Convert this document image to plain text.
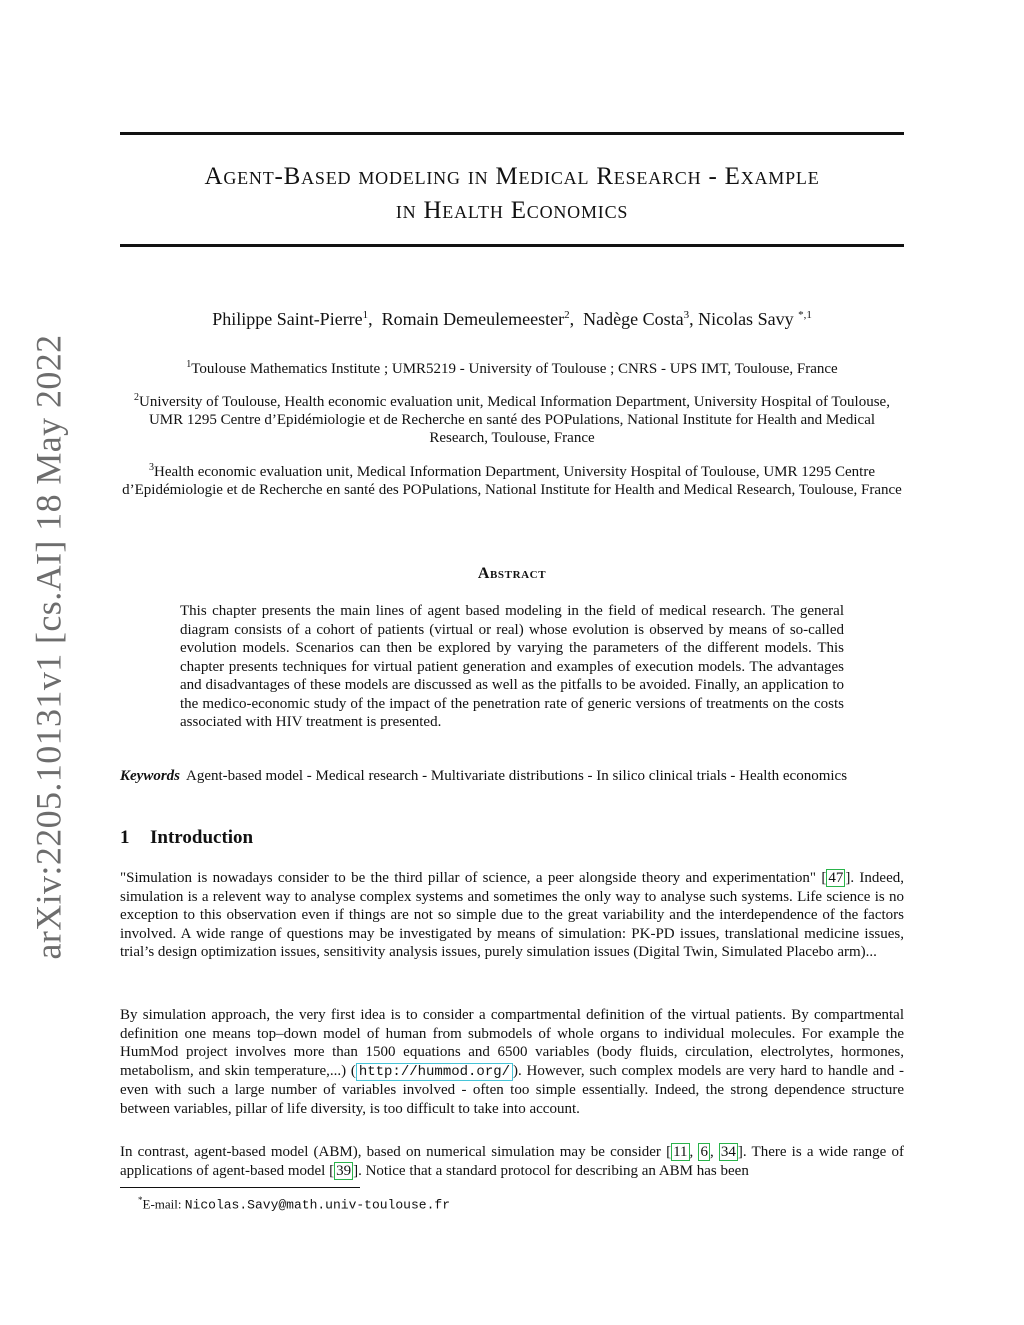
arXiv:2205.10131v1 [cs.AI] 18 May 2022
Agent-Based modeling in Medical Research - Example
in Health Economics
Philippe Saint-Pierre$^1$,  Romain Demeulemeester$^2$,  Nadège Costa$^3$, Nicolas Savy $^{*,1}$

$^1$Toulouse Mathematics Institute ; UMR5219 - University of Toulouse ; CNRS - UPS IMT, Toulouse, France

$^2$University of Toulouse, Health economic evaluation unit, Medical Information Department, University Hospital of Toulouse, UMR 1295 Centre d’Epidémiologie et de Recherche en santé des POPulations, National Institute for Health and Medical Research, Toulouse, France

$^3$Health economic evaluation unit, Medical Information Department, University Hospital of Toulouse, UMR 1295 Centre d’Epidémiologie et de Recherche en santé des POPulations, National Institute for Health and Medical Research, Toulouse, France

Abstract

This chapter presents the main lines of agent based modeling in the field of medical research. The general diagram consists of a cohort of patients (virtual or real) whose evolution is observed by means of so-called evolution models. Scenarios can then be explored by varying the parameters of the different models. This chapter presents techniques for virtual patient generation and examples of execution models. The advantages and disadvantages of these models are discussed as well as the pitfalls to be avoided. Finally, an application to the medico-economic study of the impact of the penetration rate of generic versions of treatments on the costs associated with HIV treatment is presented.

Keywords Agent-based model - Medical research - Multivariate distributions - In silico clinical trials - Health economics

1 Introduction

"Simulation is nowadays consider to be the third pillar of science, a peer alongside theory and experimentation" [ 47 ]. Indeed, simulation is a relevent way to analyse complex systems and sometimes the only way to analyse such systems. Life science is no exception to this observation even if things are not so simple due to the great variability and the interdependence of the factors involved. A wide range of questions may be investigated by means of simulation: PK-PD issues, translational medicine issues, trial’s design optimization issues, sensitivity analysis issues, purely simulation issues (Digital Twin, Simulated Placebo arm)...

By simulation approach, the very first idea is to consider a compartmental definition of the virtual patients. By compartmental definition one means top–down model of human from submodels of whole organs to individual molecules. For example the HumMod project involves more than 1500 equations and 6500 variables (body fluids, circulation, electrolytes, hormones, metabolism, and skin temperature,...) ( http://hummod.org/ ). However, such complex models are very hard to handle and - even with such a large number of variables involved - often too simple essentially. Indeed, the strong dependence structure between variables, pillar of life diversity, is too difficult to take into account.

In contrast, agent-based model (ABM), based on numerical simulation may be consider [ 11 , 6 , 34 ]. There is a wide range of applications of agent-based model [ 39 ]. Notice that a standard protocol for describing an ABM has been

*E-mail: Nicolas.Savy@math.univ-toulouse.fr
